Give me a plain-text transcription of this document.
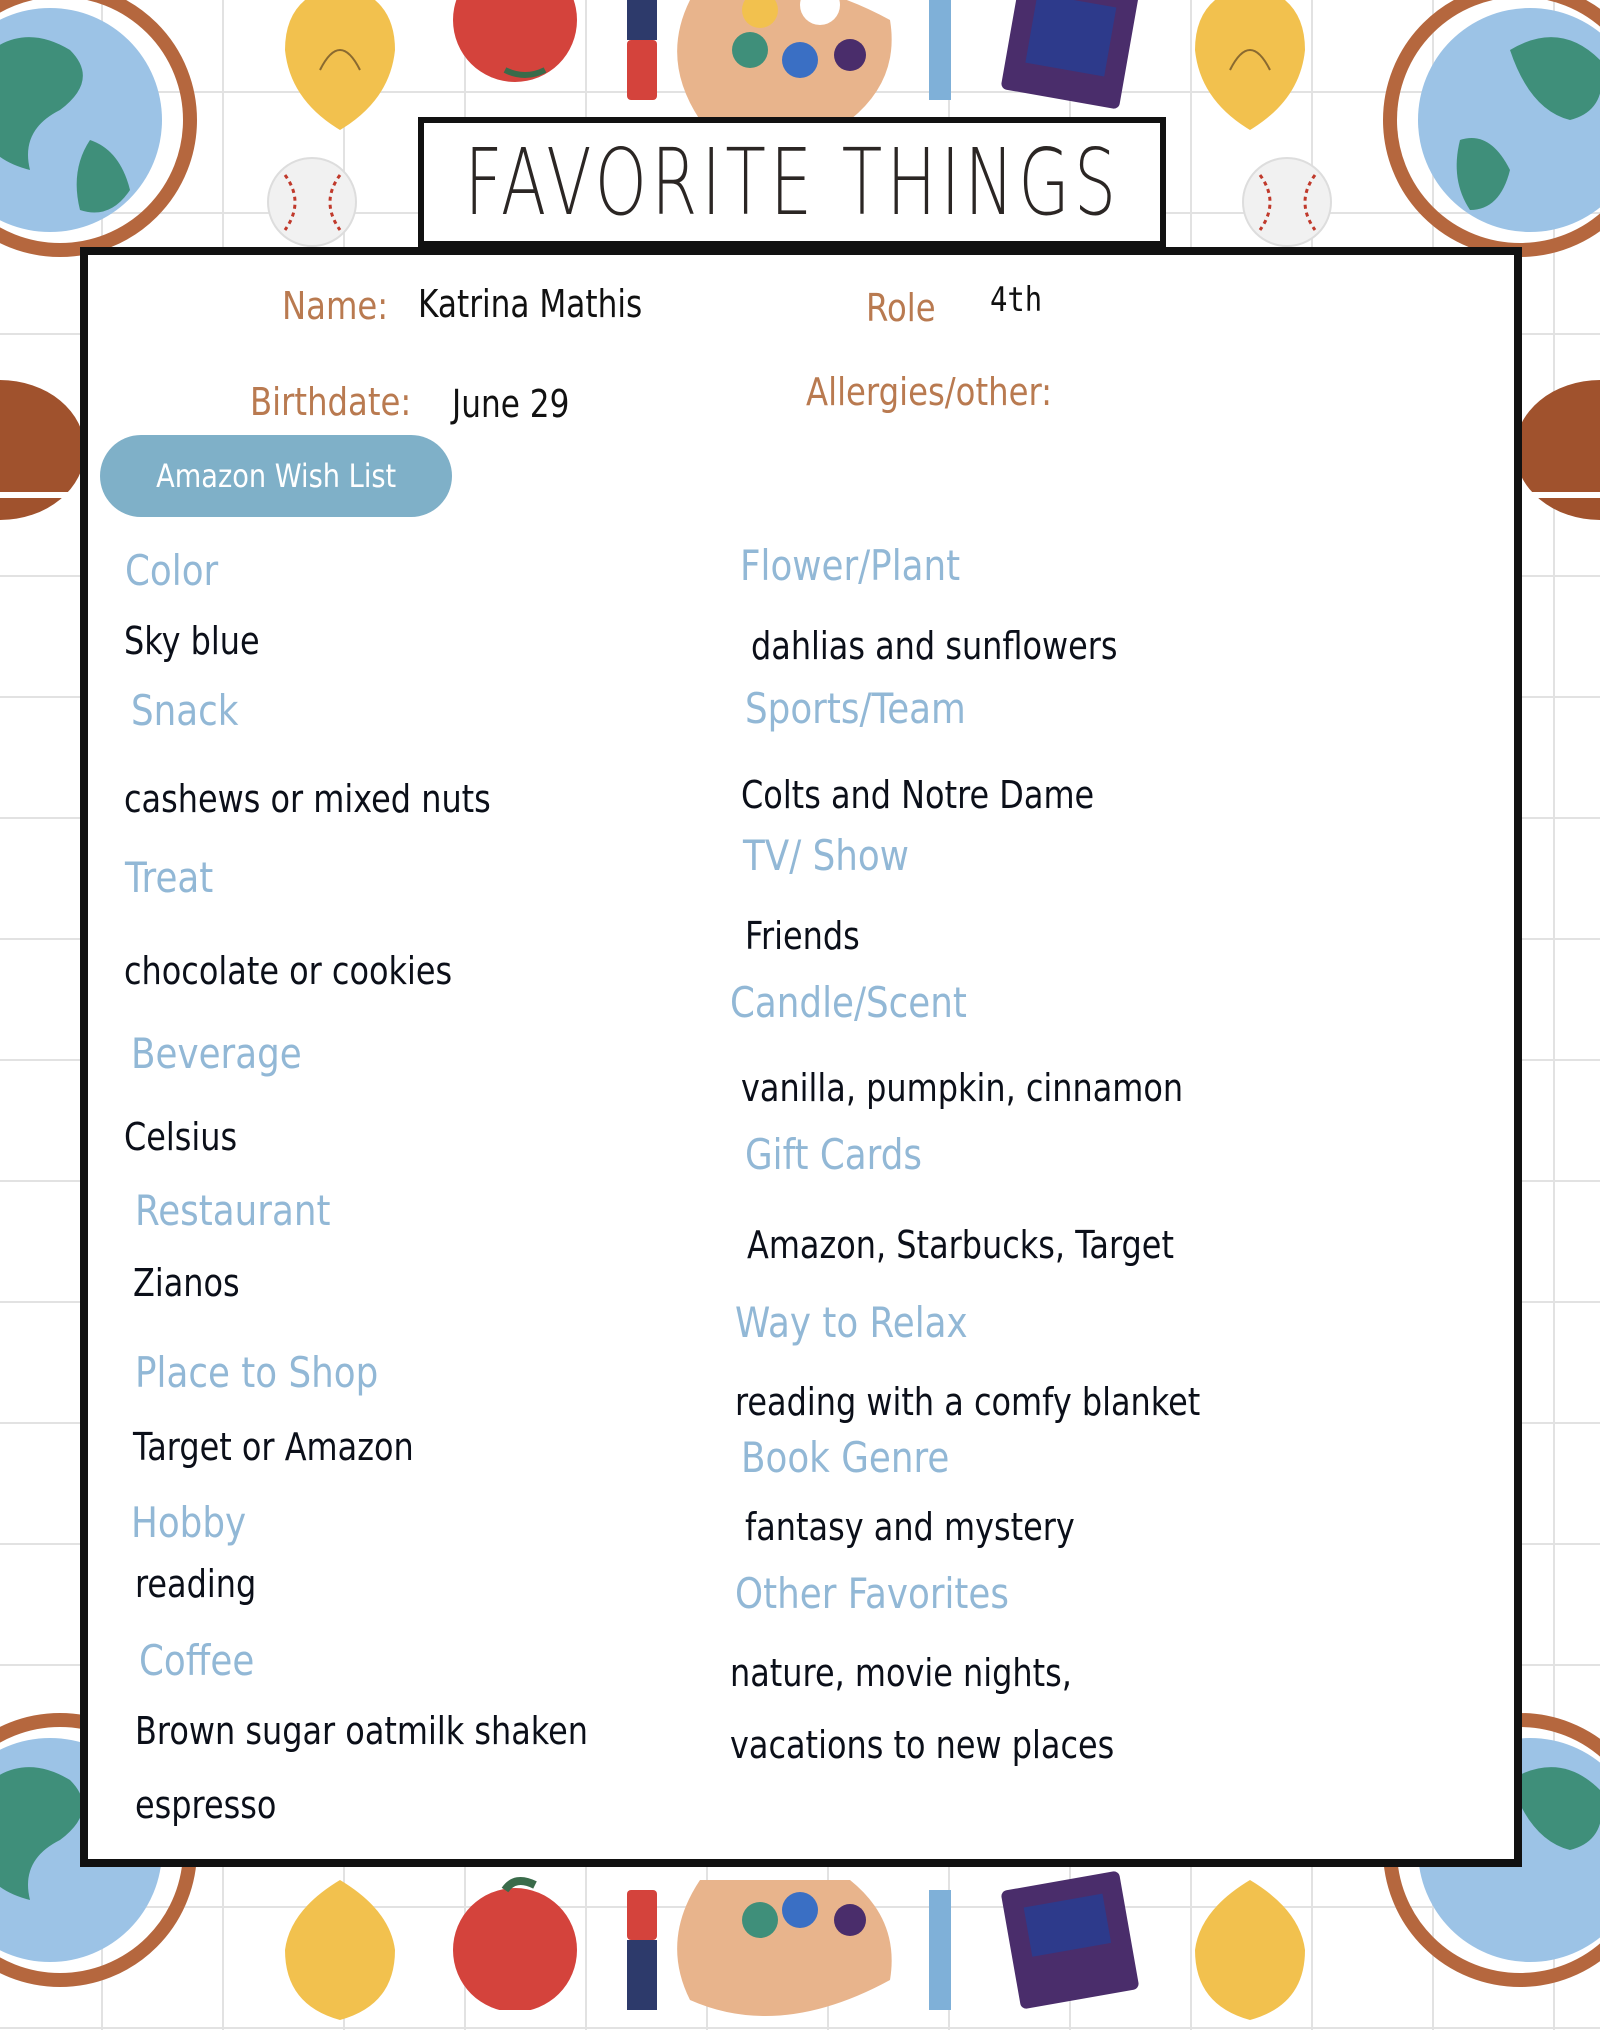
FAVORITE THINGS
Name: Katrina Mathis	Role 4th
Birthdate: June 29	Allergies/other:
Amazon Wish List
Color
Sky blue
Snack
cashews or mixed nuts
Treat
chocolate or cookies
Beverage
Celsius
Restaurant
Zianos
Place to Shop
Target or Amazon
Hobby
reading
Coffee
Brown sugar oatmilk shaken
espresso
Flower/Plant
dahlias and sunflowers
Sports/Team
Colts and Notre Dame
TV/ Show
Friends
Candle/Scent
vanilla, pumpkin, cinnamon
Gift Cards
Amazon, Starbucks, Target
Way to Relax
reading with a comfy blanket
Book Genre
fantasy and mystery
Other Favorites
nature, movie nights,
vacations to new places
